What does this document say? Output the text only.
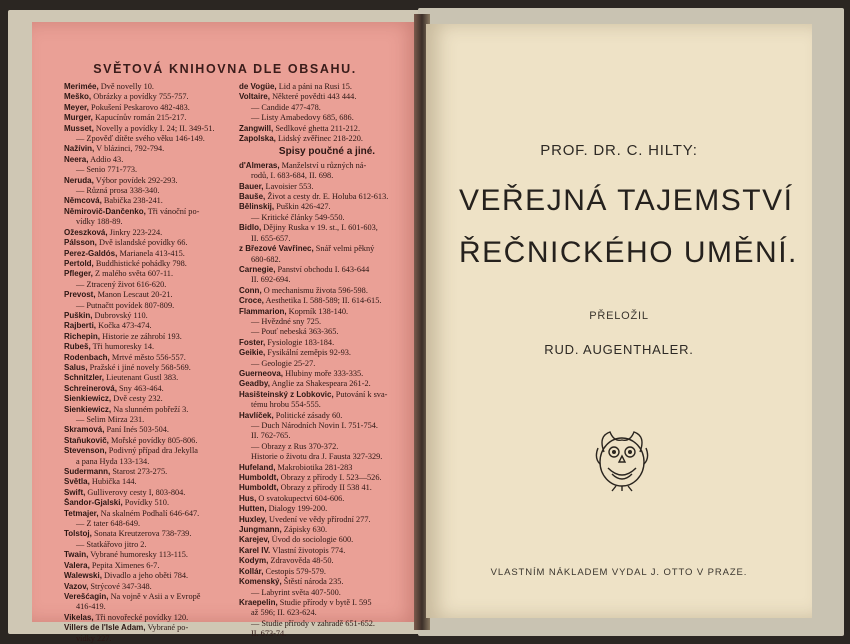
SVĚTOVÁ KNIHOVNA DLE OBSAHU.
Merimée, Dvě novelly 10.
Meško, Obrázky a povídky 755-757.
Meyer, Pokušení Peskarovo 482-483.
Murger, Kapucínův román 215-217.
Musset, Novelly a povídky I. 24; II. 349-51.
— Zpověď dítěte svého věku 146-149.
Nažívin, V blázinci, 792-794.
Neera, Addio 43.
— Senio 771-773.
Neruda, Výbor povídek 292-293.
— Různá prosa 338-340.
Němcová, Babička 238-241.
Němirovič-Dančenko, Tři vánoční po-
vídky 188-89.
Ožeszková, Jinkry 223-224.
Pálsson, Dvě islandské povídky 66.
Perez-Galdós, Marianela 413-415.
Pertold, Buddhistické pohádky 798.
Pfleger, Z malého světa 607-11.
— Ztracený život 616-620.
Prevost, Manon Lescaut 20-21.
— Putnačtt povídek 807-809.
Puškin, Dubrovský 110.
Rajberti, Kočka 473-474.
Richepin, Historie ze záhrobí 193.
Rubeš, Tři humoresky 14.
Rodenbach, Mrtvé město 556-557.
Salus, Pražské i jiné novely 568-569.
Schnitzler, Lieutenant Gustl 383.
Schreinerová, Sny 463-464.
Sienkiewicz, Dvě cesty 232.
Sienkiewicz, Na slunném pobřeží 3.
— Selim Mirza 231.
Skramová, Paní Inés 503-504.
Staňukovič, Mořské povídky 805-806.
Stevenson, Podivný případ dra Jekylla
a pana Hyda 133-134.
Sudermann, Starost 273-275.
Světla, Hubička 144.
Swift, Gulliverovy cesty I, 803-804.
Šandor-Gjalski, Povídky 510.
Tetmajer, Na skalném Podhalí 646-647.
— Z tater 648-649.
Tolstoj, Sonata Kreutzerova 738-739.
— Statkářovo jitro 2.
Twain, Vybrané humoresky 113-115.
Valera, Pepita Ximenes 6-7.
Walewski, Divadlo a jeho oběti 784.
Vazov, Strýcové 347-348.
Verešćagin, Na vojně v Asii a v Evropě
416-419.
Vikelas, Tři novořecké povídky 120.
Villers de l'Isle Adam, Vybrané po-
vídky 227.
de Vogüe, Lid a páni na Rusi 15.
Voltaire, Některé povědti 443 444.
— Candide 477-478.
— Listy Amabedovy 685, 686.
Zangwill, Sedlkové ghetta 211-212.
Zapolska, Lidský zvěřinec 218-220.
Spisy poučné a jiné.
d'Almeras, Manželství u různých ná-
rodů, I. 683-684, II. 698.
Bauer, Lavoisier 553.
Bauše, Život a cesty dr. E. Holuba 612-613.
Bělinskij, Puškin 426-427.
— Kritické články 549-550.
Bidlo, Dějiny Ruska v 19. st., I. 601-603,
II. 655-657.
z Březové Vavřinec, Snář velmi pěkný
680-682.
Carnegie, Panství obchodu I. 643-644
II. 692-694.
Conn, O mechanismu života 596-598.
Croce, Aesthetika I. 588-589; II. 614-615.
Flammarion, Koprník 138-140.
— Hvězdné sny 725.
— Pouť nebeská 363-365.
Foster, Fysiologie 183-184.
Geikie, Fysikální zeměpis 92-93.
— Geologie 25-27.
Guerneova, Hlubiny moře 333-335.
Geadby, Anglie za Shakespeara 261-2.
Hasišteinský z Lobkovic, Putování k sva-
tému hrobu 554-555.
Havlíček, Politické zásady 60.
— Duch Národních Novin I. 751-754.
II. 762-765.
— Obrazy z Rus 370-372.
Historie o životu dra J. Fausta 327-329.
Hufeland, Makrobiotika 281-283
Humboldt, Obrazy z přírody I. 523—526.
Humboldt, Obrazy z přírody II 538 41.
Hus, O svatokupectví 604-606.
Hutten, Dialogy 199-200.
Huxley, Uvedení ve vědy přírodní 277.
Jungmann, Zápisky 630.
Karejev, Úvod do sociologie 600.
Karel IV. Vlastní životopis 774.
Kodym, Zdravověda 48-50.
Kollár, Cestopis 579-579.
Komenský, Štěstí národa 235.
— Labyrint světa 407-500.
Kraepelin, Studie přírody v bytě I. 595
až 596; II. 623-624.
— Studie přírody v zahradě 651-652.
II. 673-74.
PROF. DR. C. HILTY:
VEŘEJNÁ TAJEMSTVÍ
ŘEČNICKÉHO UMĚNÍ.
PŘELOŽIL
RUD. AUGENTHALER.
VLASTNÍM NÁKLADEM VYDAL J. OTTO V PRAZE.
